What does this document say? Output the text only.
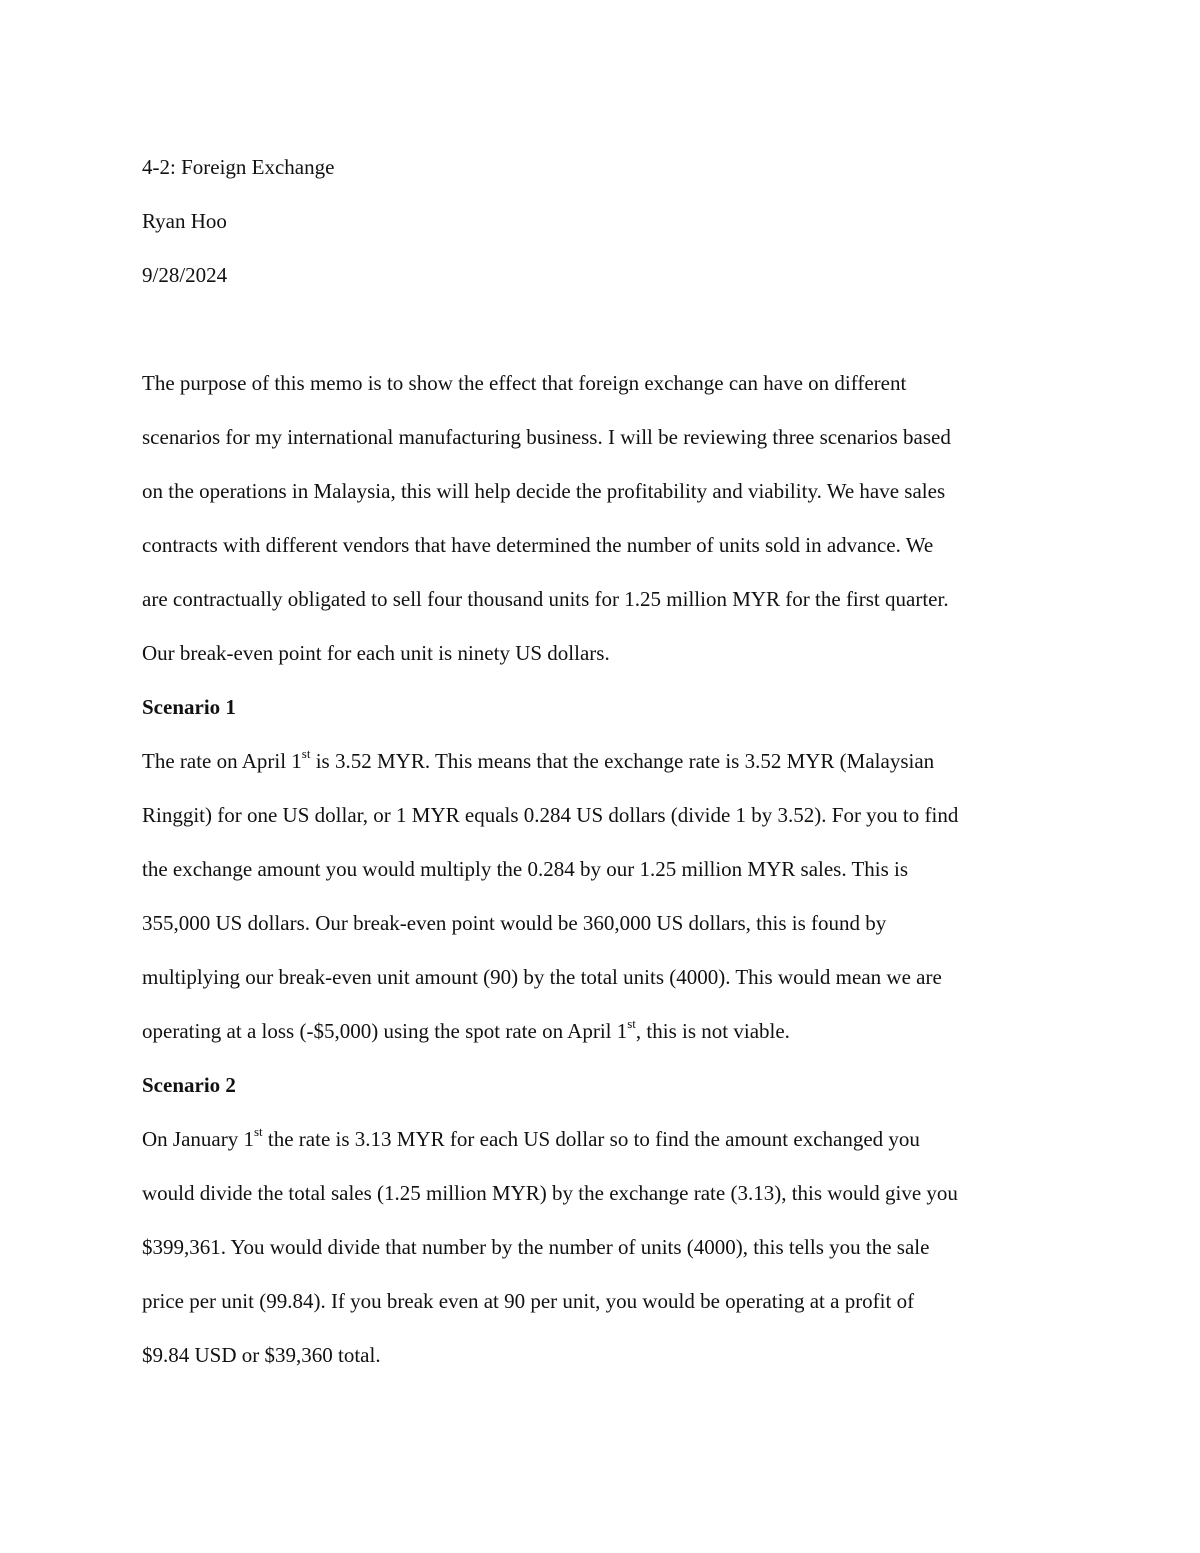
4-2: Foreign Exchange
Ryan Hoo
9/28/2024
The purpose of this memo is to show the effect that foreign exchange can have on different
scenarios for my international manufacturing business. I will be reviewing three scenarios based
on the operations in Malaysia, this will help decide the profitability and viability. We have sales
contracts with different vendors that have determined the number of units sold in advance. We
are contractually obligated to sell four thousand units for 1.25 million MYR for the first quarter.
Our break-even point for each unit is ninety US dollars.
Scenario 1
The rate on April 1st is 3.52 MYR. This means that the exchange rate is 3.52 MYR (Malaysian
Ringgit) for one US dollar, or 1 MYR equals 0.284 US dollars (divide 1 by 3.52). For you to find
the exchange amount you would multiply the 0.284 by our 1.25 million MYR sales. This is
355,000 US dollars. Our break-even point would be 360,000 US dollars, this is found by
multiplying our break-even unit amount (90) by the total units (4000). This would mean we are
operating at a loss (-$5,000) using the spot rate on April 1st, this is not viable.
Scenario 2
On January 1st the rate is 3.13 MYR for each US dollar so to find the amount exchanged you
would divide the total sales (1.25 million MYR) by the exchange rate (3.13), this would give you
$399,361. You would divide that number by the number of units (4000), this tells you the sale
price per unit (99.84). If you break even at 90 per unit, you would be operating at a profit of
$9.84 USD or $39,360 total.
